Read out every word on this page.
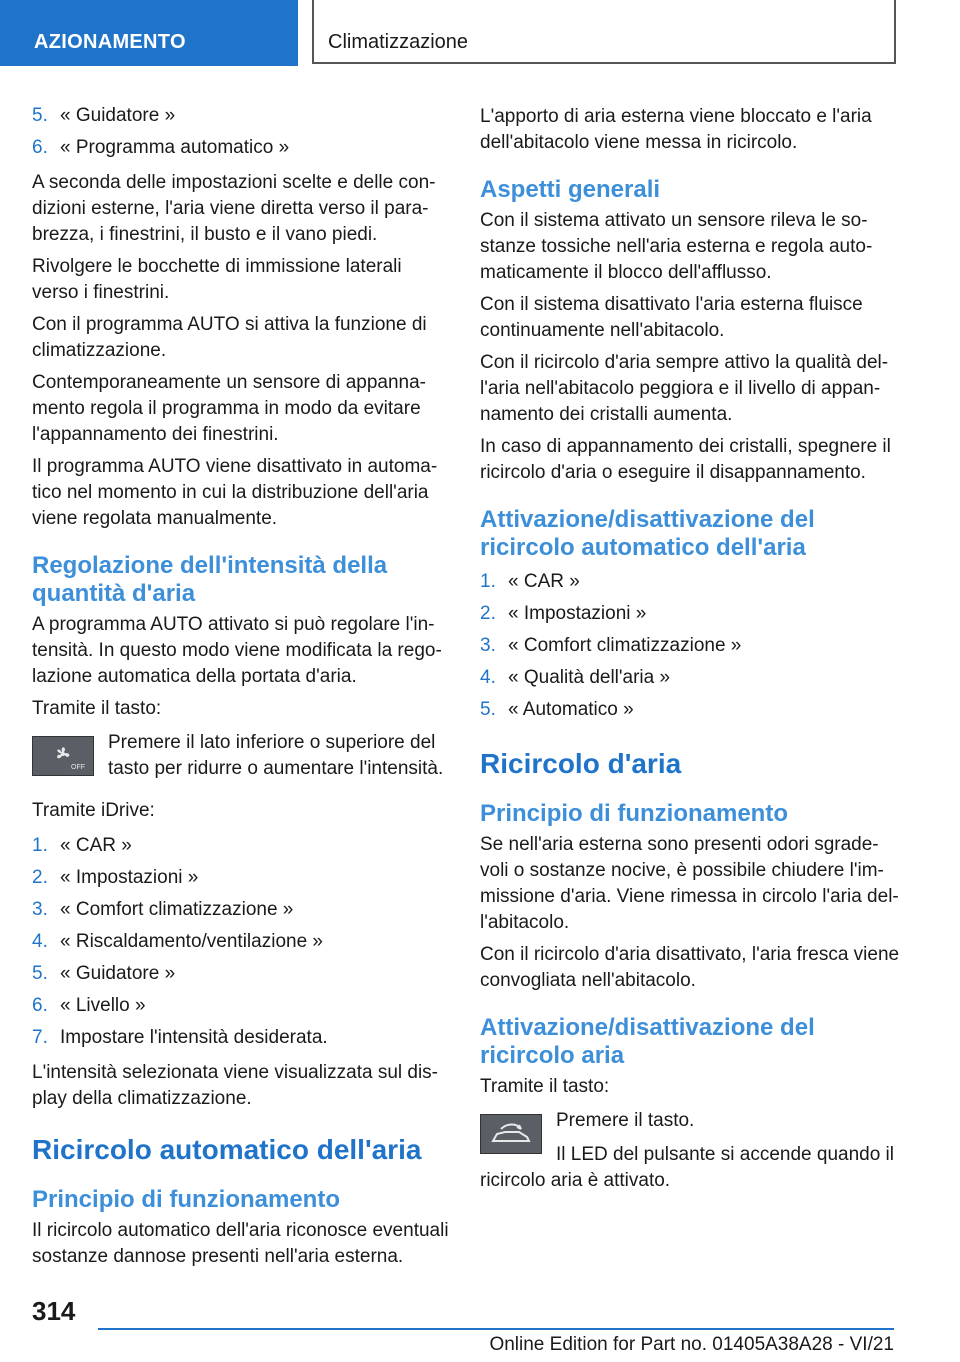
AZIONAMENTO	Climatizzazione
5. « Guidatore »
6. « Programma automatico »

A seconda delle impostazioni scelte e delle con-dizioni esterne, l'aria viene diretta verso il para-brezza, i finestrini, il busto e il vano piedi.

Rivolgere le bocchette di immissione laterali verso i finestrini.

Con il programma AUTO si attiva la funzione di climatizzazione.

Contemporaneamente un sensore di appanna-mento regola il programma in modo da evitare l'appannamento dei finestrini.

Il programma AUTO viene disattivato in automa-tico nel momento in cui la distribuzione dell'aria viene regolata manualmente.

Regolazione dell'intensità della quantità d'aria

A programma AUTO attivato si può regolare l'in-tensità. In questo modo viene modificata la rego-lazione automatica della portata d'aria.

Tramite il tasto:

OFF

Premere il lato inferiore o superiore del tasto per ridurre o aumentare l'intensità.

Tramite iDrive:

1. « CAR »
2. « Impostazioni »
3. « Comfort climatizzazione »
4. « Riscaldamento/ventilazione »
5. « Guidatore »
6. « Livello »
7. Impostare l'intensità desiderata.

L'intensità selezionata viene visualizzata sul dis-play della climatizzazione.

Ricircolo automatico dell'aria
Principio di funzionamento

Il ricircolo automatico dell'aria riconosce eventuali sostanze dannose presenti nell'aria esterna.

L'apporto di aria esterna viene bloccato e l'aria dell'abitacolo viene messa in ricircolo.

Aspetti generali

Con il sistema attivato un sensore rileva le so-stanze tossiche nell'aria esterna e regola auto-maticamente il blocco dell'afflusso.

Con il sistema disattivato l'aria esterna fluisce continuamente nell'abitacolo.

Con il ricircolo d'aria sempre attivo la qualità del-l'aria nell'abitacolo peggiora e il livello di appan-namento dei cristalli aumenta.

In caso di appannamento dei cristalli, spegnere il ricircolo d'aria o eseguire il disappannamento.

Attivazione/disattivazione del ricircolo automatico dell'aria
1. « CAR »
2. « Impostazioni »
3. « Comfort climatizzazione »
4. « Qualità dell'aria »
5. « Automatico »
Ricircolo d'aria
Principio di funzionamento

Se nell'aria esterna sono presenti odori sgrade-voli o sostanze nocive, è possibile chiudere l'im-missione d'aria. Viene rimessa in circolo l'aria del-l'abitacolo.

Con il ricircolo d'aria disattivato, l'aria fresca viene convogliata nell'abitacolo.

Attivazione/disattivazione del ricircolo aria

Tramite il tasto:

Premere il tasto.

Il LED del pulsante si accende quando il ricircolo aria è attivato.

314
Online Edition for Part no. 01405A38A28 - VI/21
